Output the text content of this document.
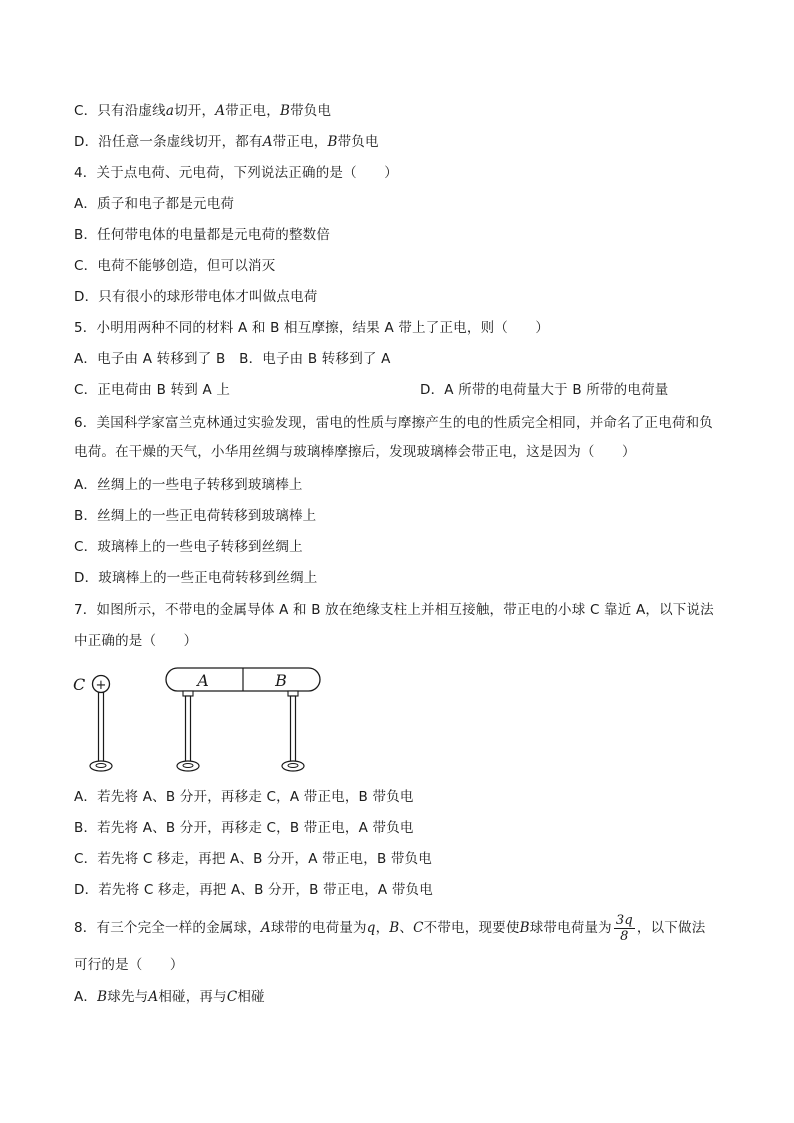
C．只有沿虚线a切开，A带正电，B带负电
D．沿任意一条虚线切开，都有A带正电，B带负电
4．关于点电荷、元电荷，下列说法正确的是（　　）
A．质子和电子都是元电荷
B．任何带电体的电量都是元电荷的整数倍
C．电荷不能够创造，但可以消灭
D．只有很小的球形带电体才叫做点电荷
5．小明用两种不同的材料 A 和 B 相互摩擦，结果 A 带上了正电，则（　　）
A．电子由 A 转移到了 B　B．电子由 B 转移到了 A
C．正电荷由 B 转到 A 上	D．A 所带的电荷量大于 B 所带的电荷量
6．美国科学家富兰克林通过实验发现，雷电的性质与摩擦产生的电的性质完全相同，并命名了正电荷和负
电荷。在干燥的天气，小华用丝绸与玻璃棒摩擦后，发现玻璃棒会带正电，这是因为（　　）
A．丝绸上的一些电子转移到玻璃棒上
B．丝绸上的一些正电荷转移到玻璃棒上
C．玻璃棒上的一些电子转移到丝绸上
D．玻璃棒上的一些正电荷转移到丝绸上
7．如图所示，不带电的金属导体 A 和 B 放在绝缘支柱上并相互接触，带正电的小球 C 靠近 A，以下说法
中正确的是（　　）
C +	A	B
A．若先将 A、B 分开，再移走 C，A 带正电，B 带负电
B．若先将 A、B 分开，再移走 C，B 带正电，A 带负电
C．若先将 C 移走，再把 A、B 分开，A 带正电，B 带负电
D．若先将 C 移走，再把 A、B 分开，B 带正电，A 带负电
8．有三个完全一样的金属球，A球带的电荷量为q，B、C不带电，现要使B球带电荷量为 $\frac{3q}{8}$ ，以下做法
可行的是（　　）
A．B球先与A相碰，再与C相碰
